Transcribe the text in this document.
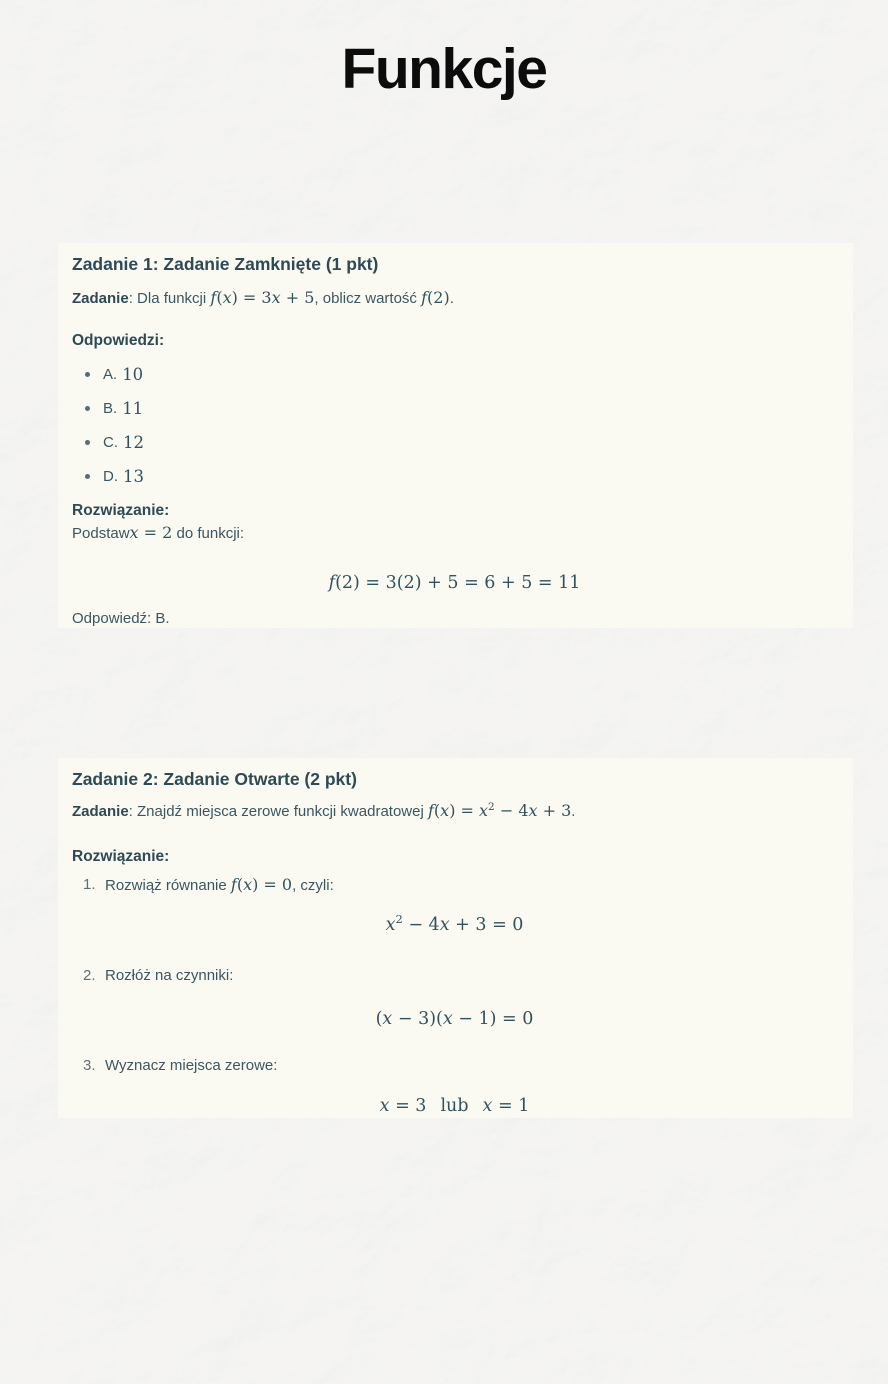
Funkcje
Zadanie 1: Zadanie Zamknięte (1 pkt)

Zadanie: Dla funkcji f(x) = 3x + 5, oblicz wartość f(2).

Odpowiedzi:

A. 10
B. 11
C. 12
D. 13
Rozwiązanie:
Podstawx = 2 do funkcji:
f(2) = 3(2) + 5 = 6 + 5 = 11

Odpowiedź: B.

Zadanie 2: Zadanie Otwarte (2 pkt)

Zadanie: Znajdź miejsca zerowe funkcji kwadratowej $f(x) = x^2 - 4x + 3$.

Rozwiązanie:

1. Rozwiąż równanie f(x) = 0, czyli:
$x^2 - 4x + 3 = 0$
2. Rozłóż na czynniki:
(x − 3)(x − 1) = 0
3. Wyznacz miejsca zerowe:
x = 3 lub x = 1
